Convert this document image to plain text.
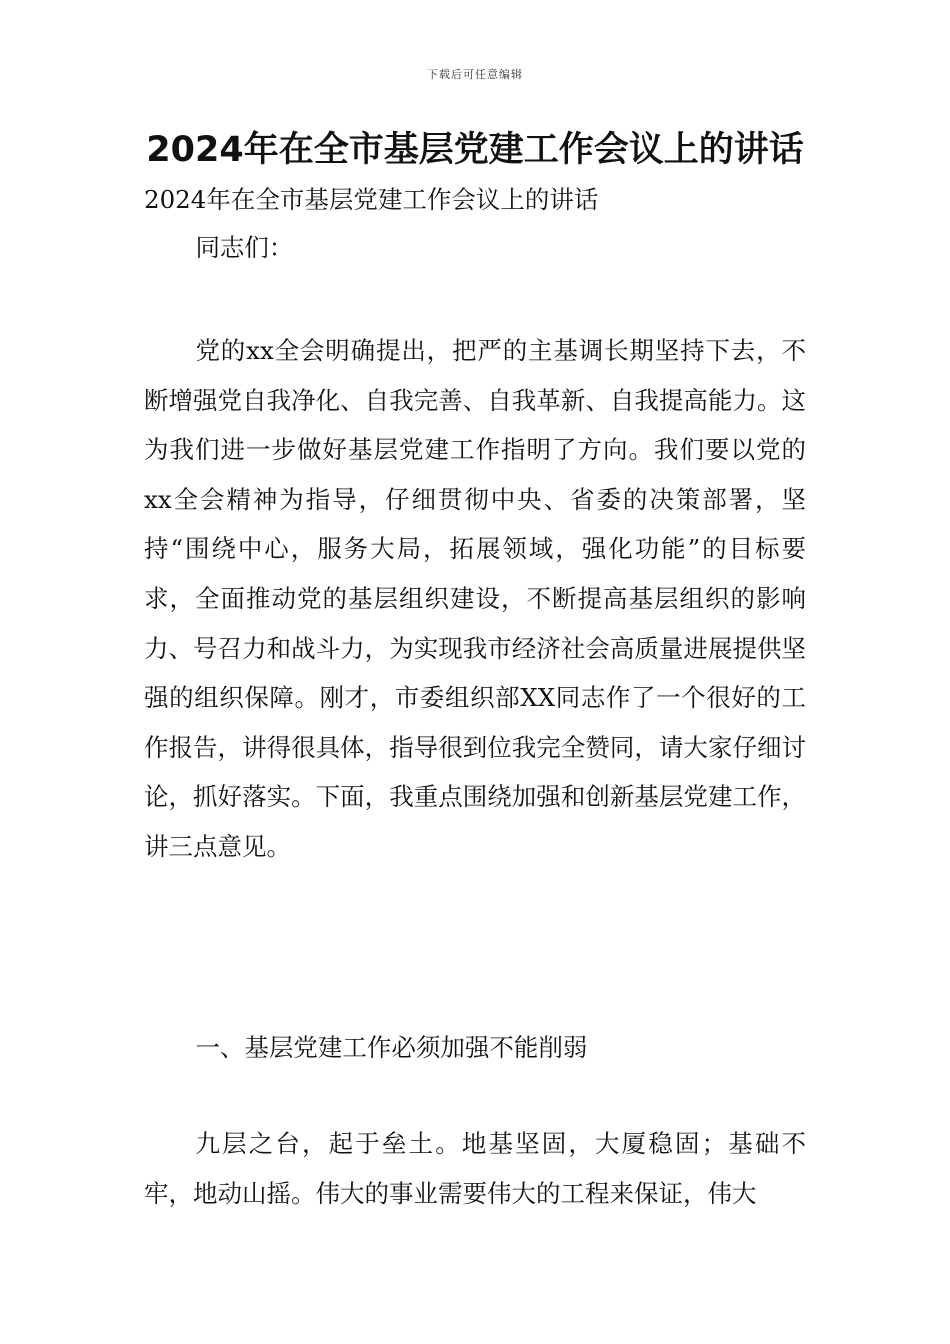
下载后可任意编辑
2024年在全市基层党建工作会议上的讲话

2024年在全市基层党建工作会议上的讲话

同志们：

党的xx全会明确提出，把严的主基调长期坚持下去，不断增强党自我净化、自我完善、自我革新、自我提高能力。这为我们进一步做好基层党建工作指明了方向。我们要以党的xx全会精神为指导，仔细贯彻中央、省委的决策部署，坚持“围绕中心，服务大局，拓展领域，强化功能”的目标要求，全面推动党的基层组织建设，不断提高基层组织的影响力、号召力和战斗力，为实现我市经济社会高质量进展提供坚强的组织保障。刚才，市委组织部XX同志作了一个很好的工作报告，讲得很具体，指导很到位我完全赞同，请大家仔细讨论，抓好落实。下面，我重点围绕加强和创新基层党建工作，讲三点意见。

一、基层党建工作必须加强不能削弱

九层之台，起于垒土。地基坚固，大厦稳固；基础不牢，地动山摇。伟大的事业需要伟大的工程来保证，伟大
